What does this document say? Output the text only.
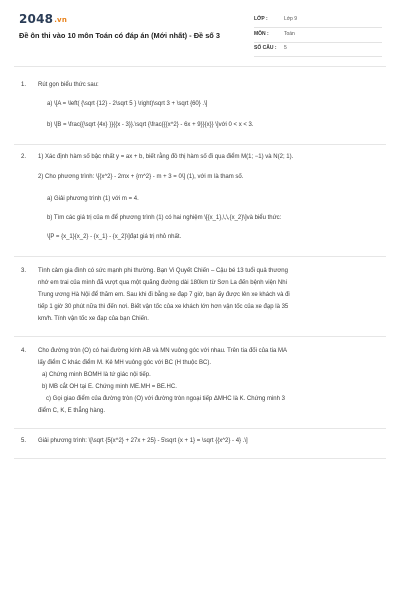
2048.vn
Đề ôn thi vào 10 môn Toán có đáp án (Mới nhất) - Đề số 3
LỚP :	Lớp 9
MÔN :	Toán
SỐ CÂU : 5
1. Rút gọn biểu thức sau:
a) \[A = \left( {\sqrt {12} - 2\sqrt 5 } \right)\sqrt 3 + \sqrt {60} .\]
b) \[B = \frac{{\sqrt {4x} }}{{x - 3}}.\sqrt {\frac{{{x^2} - 6x + 9}}{x}} \]với 0 < x < 3.
2. 1) Xác định hàm số bậc nhất y = ax + b, biết rằng đồ thị hàm số đi qua điểm M(1; −1) và N(2; 1).
2) Cho phương trình: \[{x^2} - 2mx + {m^2} - m + 3 = 0\] (1), với m là tham số.
a) Giải phương trình (1) với m = 4.
b) Tìm các giá trị của m để phương trình (1) có hai nghiệm \[{x_1},\,\,{x_2}\]và biểu thức:
\[P = {x_1}{x_2} - {x_1} - {x_2}\]đạt giá trị nhỏ nhất.
3. Tình cảm gia đình có sức mạnh phi thường. Bạn Vi Quyết Chiến – Cậu bé 13 tuổi quả thương
nhớ em trai của mình đã vượt qua một quãng đường dài 180km từ Sơn La đến bệnh viện Nhi
Trung ương Hà Nội để thăm em. Sau khi đi bằng xe đạp 7 giờ, bạn ấy được lên xe khách và đi
tiếp 1 giờ 30 phút nữa thì đến nơi. Biết vận tốc của xe khách lớn hơn vận tốc của xe đạp là 35
km/h. Tính vận tốc xe đạp của bạn Chiến.
4. Cho đường tròn (O) có hai đường kính AB và MN vuông góc với nhau. Trên tia đối của tia MA
lấy điểm C khác điểm M. Kẻ MH vuông góc với BC (H thuộc BC).
a) Chứng minh BOMH là tứ giác nội tiếp.
b) MB cắt OH tại E. Chứng minh ME.MH = BE.HC.
c) Gọi giao điểm của đường tròn (O) với đường tròn ngoại tiếp ΔMHC là K. Chứng minh 3
điểm C, K, E thẳng hàng.
5. Giải phương trình: \[\sqrt {5{x^2} + 27x + 25} - 5\sqrt {x + 1} = \sqrt {{x^2} - 4} .\]
